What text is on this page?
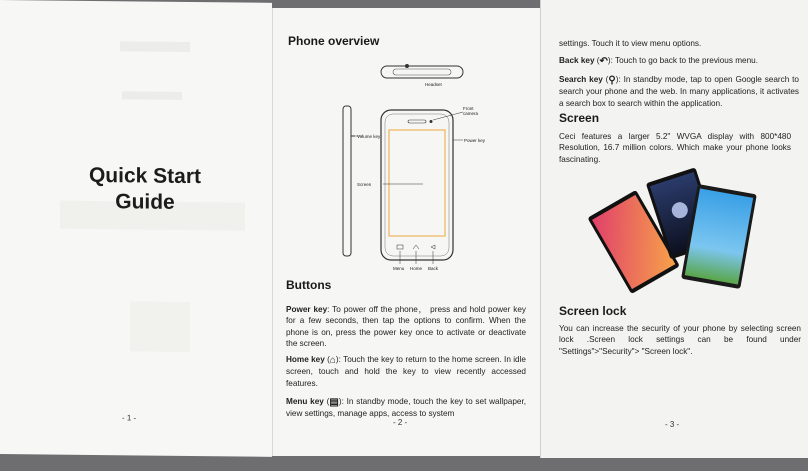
Quick Start
Guide
- 1 -
Phone overview
Headset
Volume key
Front camera
Power key
Screen
Menu Home Back
Buttons
Power key: To power off the phone， press and hold power key for a few seconds, then tap the options to confirm. When the phone is on, press the power key once to activate or deactivate the screen.
Home key (⌂): Touch the key to return to the home screen. In idle screen, touch and hold the key to view recently accessed features.
Menu key (▤): In standby mode, touch the key to set wallpaper, view settings, manage apps, access to system
- 2 -
settings. Touch it to view menu options.
Back key (↶): Touch to go back to the previous menu.
Search key (⚲): In standby mode, tap to open Google search to search your phone and the web. In many applications, it activates a search box to search within the application.
Screen
Ceci features a larger 5.2" WVGA display with 800*480 Resolution, 16.7 million colors. Which make your phone looks fascinating.
Screen lock
You can increase the security of your phone by selecting screen lock .Screen lock settings can be found under "Settings">"Security"> "Screen lock".
- 3 -
